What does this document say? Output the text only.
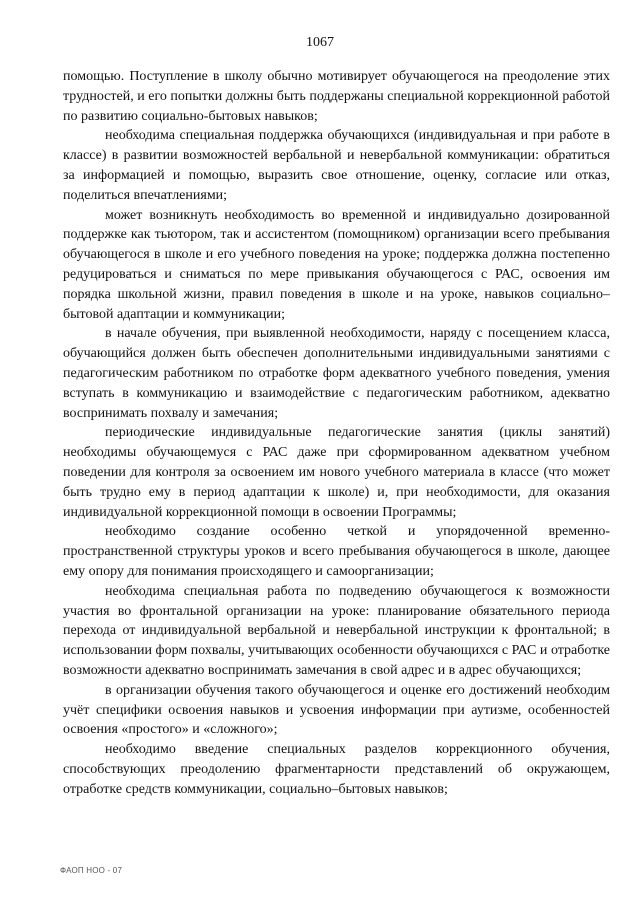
1067

помощью. Поступление в школу обычно мотивирует обучающегося на преодоление этих трудностей, и его попытки должны быть поддержаны специальной коррекционной работой по развитию социально-бытовых навыков;

необходима специальная поддержка обучающихся (индивидуальная и при работе в классе) в развитии возможностей вербальной и невербальной коммуникации: обратиться за информацией и помощью, выразить свое отношение, оценку, согласие или отказ, поделиться впечатлениями;

может возникнуть необходимость во временной и индивидуально дозированной поддержке как тьютором, так и ассистентом (помощником) организации всего пребывания обучающегося в школе и его учебного поведения на уроке; поддержка должна постепенно редуцироваться и сниматься по мере привыкания обучающегося с РАС, освоения им порядка школьной жизни, правил поведения в школе и на уроке, навыков социально–бытовой адаптации и коммуникации;

в начале обучения, при выявленной необходимости, наряду с посещением класса, обучающийся должен быть обеспечен дополнительными индивидуальными занятиями с педагогическим работником по отработке форм адекватного учебного поведения, умения вступать в коммуникацию и взаимодействие с педагогическим работником, адекватно воспринимать похвалу и замечания;

периодические индивидуальные педагогические занятия (циклы занятий) необходимы обучающемуся с РАС даже при сформированном адекватном учебном поведении для контроля за освоением им нового учебного материала в классе (что может быть трудно ему в период адаптации к школе) и, при необходимости, для оказания индивидуальной коррекционной помощи в освоении Программы;

необходимо создание особенно четкой и упорядоченной временно-пространственной структуры уроков и всего пребывания обучающегося в школе, дающее ему опору для понимания происходящего и самоорганизации;

необходима специальная работа по подведению обучающегося к возможности участия во фронтальной организации на уроке: планирование обязательного периода перехода от индивидуальной вербальной и невербальной инструкции к фронтальной; в использовании форм похвалы, учитывающих особенности обучающихся с РАС и отработке возможности адекватно воспринимать замечания в свой адрес и в адрес обучающихся;

в организации обучения такого обучающегося и оценке его достижений необходим учёт специфики освоения навыков и усвоения информации при аутизме, особенностей освоения «простого» и «сложного»;

необходимо введение специальных разделов коррекционного обучения, способствующих преодолению фрагментарности представлений об окружающем, отработке средств коммуникации, социально–бытовых навыков;

ФАОП НОО - 07
